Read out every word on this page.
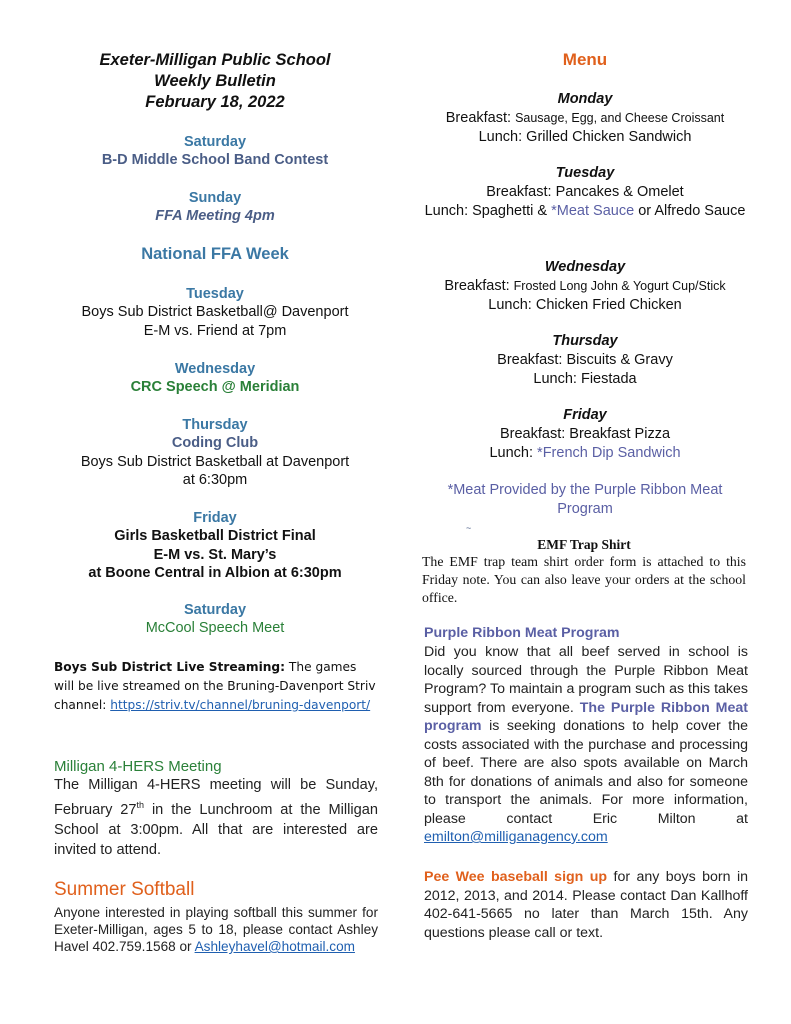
Exeter-Milligan Public School
Weekly Bulletin
February 18, 2022
Saturday
B-D Middle School Band Contest
Sunday
FFA Meeting 4pm
National FFA Week
Tuesday
Boys Sub District Basketball@ Davenport
E-M vs. Friend at 7pm
Wednesday
CRC Speech @ Meridian
Thursday
Coding Club
Boys Sub District Basketball at Davenport
at 6:30pm
Friday
Girls Basketball District Final
E-M vs. St. Mary’s
at Boone Central in Albion at 6:30pm
Saturday
McCool Speech Meet
Boys Sub District Live Streaming: The games will be live streamed on the Bruning-Davenport Striv channel: https://striv.tv/channel/bruning-davenport/
Milligan 4-HERS Meeting
The Milligan 4-HERS meeting will be Sunday, February 27th in the Lunchroom at the Milligan School at 3:00pm. All that are interested are invited to attend.
Summer Softball
Anyone interested in playing softball this summer for Exeter-Milligan, ages 5 to 18, please contact Ashley Havel 402.759.1568 or Ashleyhavel@hotmail.com
Menu
Monday
Breakfast: Sausage, Egg, and Cheese Croissant
Lunch: Grilled Chicken Sandwich
Tuesday
Breakfast: Pancakes & Omelet
Lunch: Spaghetti & *Meat Sauce or Alfredo Sauce
Wednesday
Breakfast: Frosted Long John & Yogurt Cup/Stick
Lunch: Chicken Fried Chicken
Thursday
Breakfast: Biscuits & Gravy
Lunch: Fiestada
Friday
Breakfast: Breakfast Pizza
Lunch: *French Dip Sandwich
*Meat Provided by the Purple Ribbon Meat Program
~
EMF Trap Shirt
The EMF trap team shirt order form is attached to this Friday note. You can also leave your orders at the school office.
Purple Ribbon Meat Program
Did you know that all beef served in school is locally sourced through the Purple Ribbon Meat Program? To maintain a program such as this takes support from everyone. The Purple Ribbon Meat program is seeking donations to help cover the costs associated with the purchase and processing of beef. There are also spots available on March 8th for donations of animals and also for someone to transport the animals. For more information, please contact Eric Milton at emilton@milliganagency.com
Pee Wee baseball sign up for any boys born in 2012, 2013, and 2014. Please contact Dan Kallhoff 402-641-5665 no later than March 15th. Any questions please call or text.
